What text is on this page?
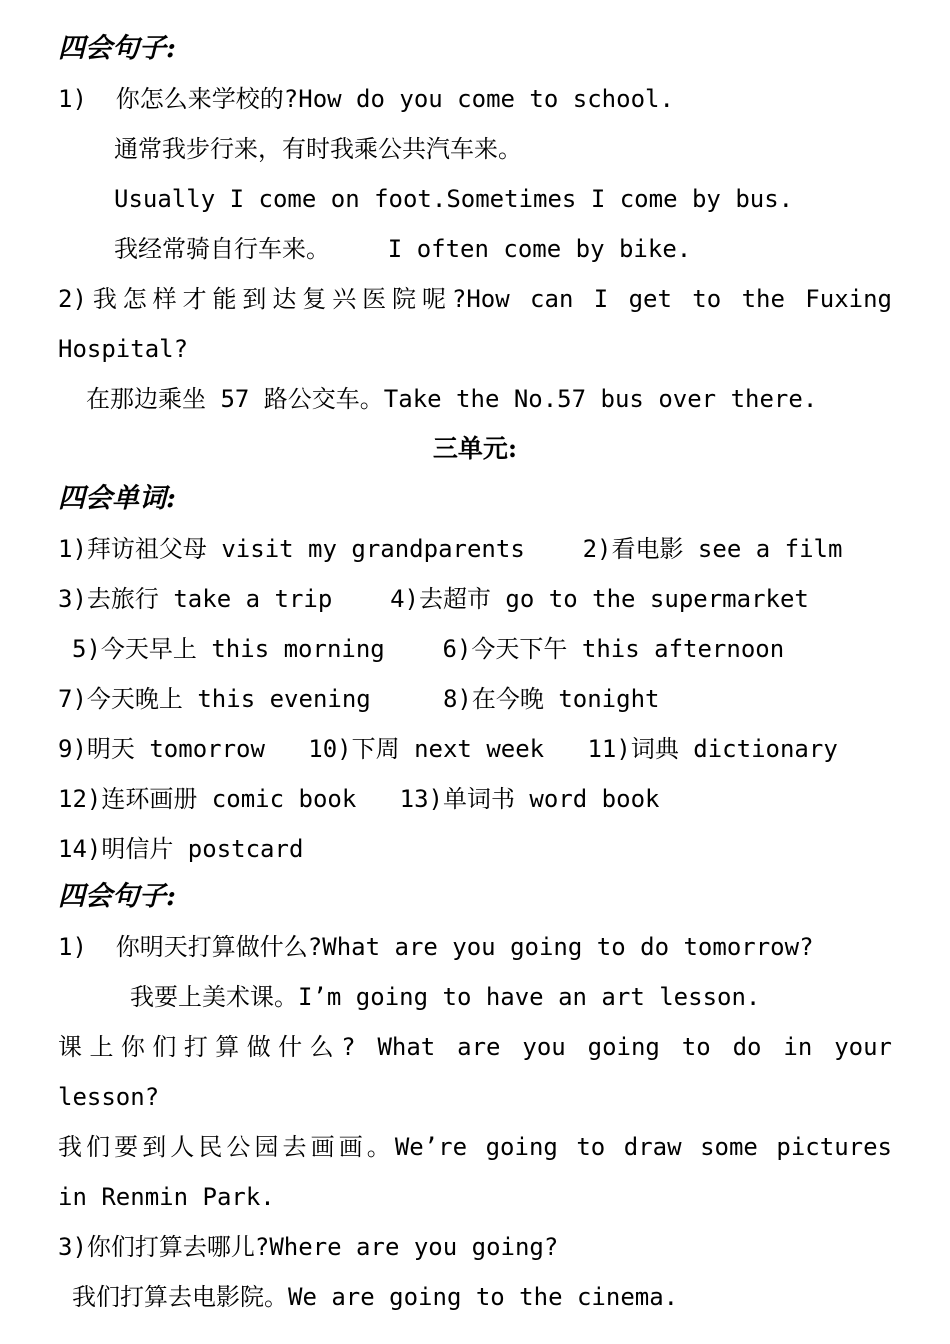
四会句子:
1)  你怎么来学校的?How do you come to school.
通常我步行来，有时我乘公共汽车来。
Usually I come on foot.Sometimes I come by bus.
我经常骑自行车来。    I often come by bike.
2)我怎样才能到达复兴医院呢?How can I get to the Fuxing
Hospital?
在那边乘坐 57 路公交车。Take the No.57 bus over there.
三单元:
四会单词:
1)拜访祖父母 visit my grandparents    2)看电影 see a film
3)去旅行 take a trip    4)去超市 go to the supermarket
5)今天早上 this morning    6)今天下午 this afternoon
7)今天晚上 this evening     8)在今晚 tonight
9)明天 tomorrow   10)下周 next week   11)词典 dictionary
12)连环画册 comic book   13)单词书 word book
14)明信片 postcard
四会句子:
1)  你明天打算做什么?What are you going to do tomorrow?
我要上美术课。I’m going to have an art lesson.
课上你们打算做什么? What are you going to do in your
lesson?
我们要到人民公园去画画。We’re going to draw some pictures
in Renmin Park.
3)你们打算去哪儿?Where are you going?
我们打算去电影院。We are going to the cinema.
